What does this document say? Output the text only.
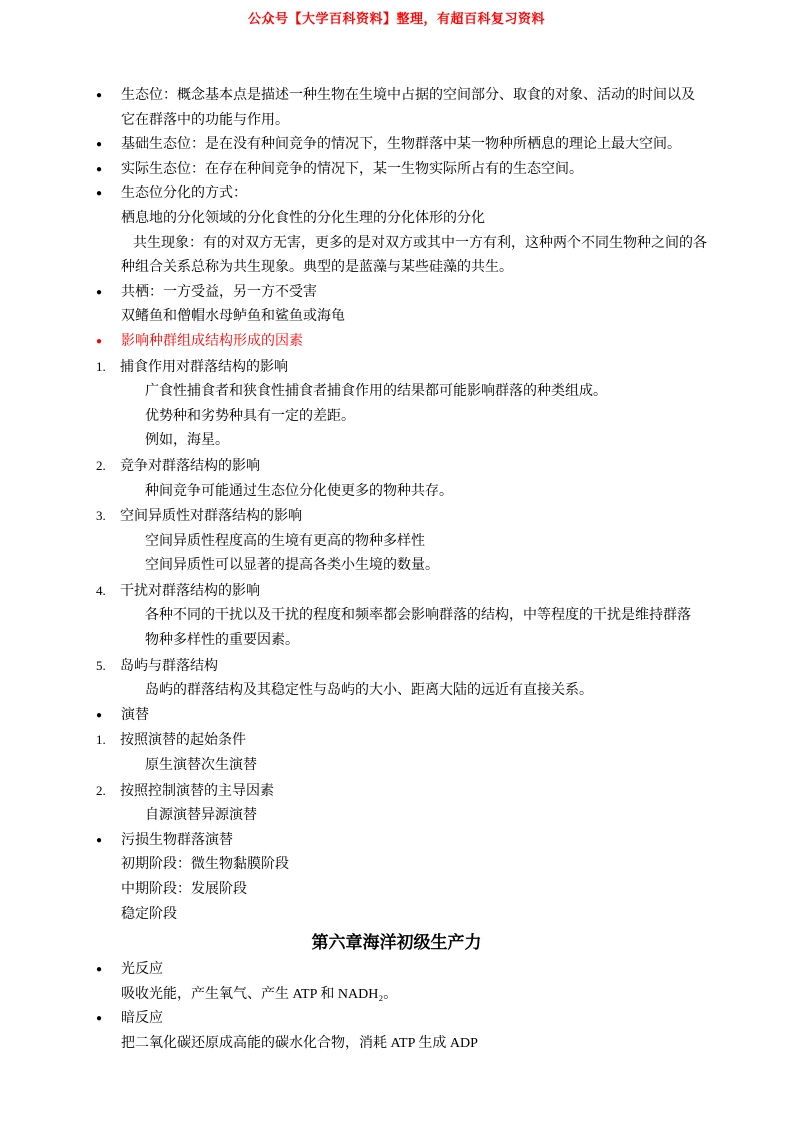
公众号【大学百科资料】整理，有超百科复习资料
● 生态位：概念基本点是描述一种生物在生境中占据的空间部分、取食的对象、活动的时间以及
它在群落中的功能与作用。
● 基础生态位：是在没有种间竞争的情况下，生物群落中某一物种所栖息的理论上最大空间。
● 实际生态位：在存在种间竞争的情况下，某一生物实际所占有的生态空间。
● 生态位分化的方式：
栖息地的分化领域的分化食性的分化生理的分化体形的分化
共生现象：有的对双方无害，更多的是对双方或其中一方有利，这种两个不同生物种之间的各
种组合关系总称为共生现象。典型的是蓝藻与某些硅藻的共生。
● 共栖：一方受益，另一方不受害
双鳍鱼和僧帽水母鲈鱼和鲨鱼或海龟
● 影响种群组成结构形成的因素
1. 捕食作用对群落结构的影响
广食性捕食者和狭食性捕食者捕食作用的结果都可能影响群落的种类组成。
优势种和劣势种具有一定的差距。
例如，海星。
2. 竞争对群落结构的影响
种间竞争可能通过生态位分化使更多的物种共存。
3. 空间异质性对群落结构的影响
空间异质性程度高的生境有更高的物种多样性
空间异质性可以显著的提高各类小生境的数量。
4. 干扰对群落结构的影响
各种不同的干扰以及干扰的程度和频率都会影响群落的结构，中等程度的干扰是维持群落
物种多样性的重要因素。
5. 岛屿与群落结构
岛屿的群落结构及其稳定性与岛屿的大小、距离大陆的远近有直接关系。
● 演替
1. 按照演替的起始条件
原生演替次生演替
2. 按照控制演替的主导因素
自源演替异源演替
● 污损生物群落演替
初期阶段：微生物黏膜阶段
中期阶段：发展阶段
稳定阶段
第六章海洋初级生产力
● 光反应
吸收光能，产生氧气、产生 ATP 和 NADH₂。
● 暗反应
把二氧化碳还原成高能的碳水化合物，消耗 ATP 生成 ADP
